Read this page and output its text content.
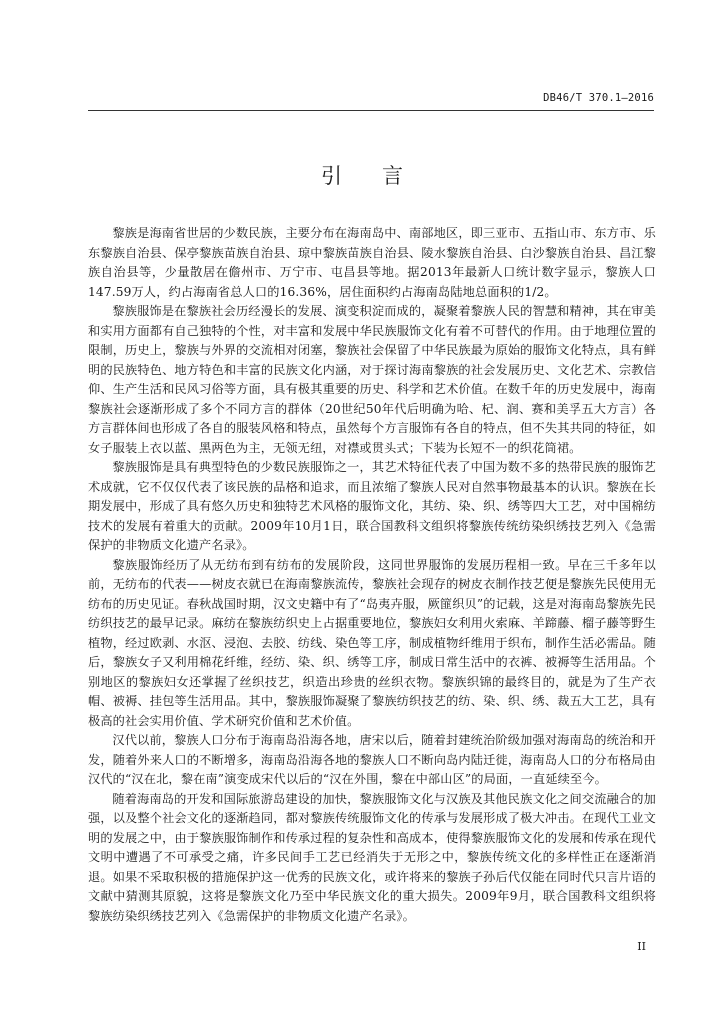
DB46/T 370.1—2016
引言

黎族是海南省世居的少数民族，主要分布在海南岛中、南部地区，即三亚市、五指山市、东方市、乐东黎族自治县、保亭黎族苗族自治县、琼中黎族苗族自治县、陵水黎族自治县、白沙黎族自治县、昌江黎族自治县等，少量散居在儋州市、万宁市、屯昌县等地。据2013年最新人口统计数字显示，黎族人口147.59万人，约占海南省总人口的16.36%，居住面积约占海南岛陆地总面积的1/2。

黎族服饰是在黎族社会历经漫长的发展、演变积淀而成的，凝聚着黎族人民的智慧和精神，其在审美和实用方面都有自己独特的个性，对丰富和发展中华民族服饰文化有着不可替代的作用。由于地理位置的限制，历史上，黎族与外界的交流相对闭塞，黎族社会保留了中华民族最为原始的服饰文化特点，具有鲜明的民族特色、地方特色和丰富的民族文化内涵，对于探讨海南黎族的社会发展历史、文化艺术、宗教信仰、生产生活和民风习俗等方面，具有极其重要的历史、科学和艺术价值。在数千年的历史发展中，海南黎族社会逐渐形成了多个不同方言的群体（20世纪50年代后明确为哈、杞、润、赛和美孚五大方言）各方言群体间也形成了各自的服装风格和特点，虽然每个方言服饰有各自的特点，但不失其共同的特征，如女子服装上衣以蓝、黑两色为主，无领无纽，对襟或贯头式；下装为长短不一的织花筒裙。

黎族服饰是具有典型特色的少数民族服饰之一，其艺术特征代表了中国为数不多的热带民族的服饰艺术成就，它不仅仅代表了该民族的品格和追求，而且浓缩了黎族人民对自然事物最基本的认识。黎族在长期发展中，形成了具有悠久历史和独特艺术风格的服饰文化，其纺、染、织、绣等四大工艺，对中国棉纺技术的发展有着重大的贡献。2009年10月1日，联合国教科文组织将黎族传统纺染织绣技艺列入《急需保护的非物质文化遗产名录》。

黎族服饰经历了从无纺布到有纺布的发展阶段，这同世界服饰的发展历程相一致。早在三千多年以前，无纺布的代表——树皮衣就已在海南黎族流传，黎族社会现存的树皮衣制作技艺便是黎族先民使用无纺布的历史见证。春秋战国时期，汉文史籍中有了“岛夷卉服，厥篚织贝”的记载，这是对海南岛黎族先民纺织技艺的最早记录。麻纺在黎族纺织史上占据重要地位，黎族妇女利用火索麻、羊蹄藤、榴子藤等野生植物，经过欧剥、水沤、浸泡、去胶、纺线、染色等工序，制成植物纤维用于织布，制作生活必需品。随后，黎族女子又利用棉花纤维，经纺、染、织、绣等工序，制成日常生活中的衣裤、被褥等生活用品。个别地区的黎族妇女还掌握了丝织技艺，织造出珍贵的丝织衣物。黎族织锦的最终目的，就是为了生产衣帽、被褥、挂包等生活用品。其中，黎族服饰凝聚了黎族纺织技艺的纺、染、织、绣、裁五大工艺，具有极高的社会实用价值、学术研究价值和艺术价值。

汉代以前，黎族人口分布于海南岛沿海各地，唐宋以后，随着封建统治阶级加强对海南岛的统治和开发，随着外来人口的不断增多，海南岛沿海各地的黎族人口不断向岛内陆迁徙，海南岛人口的分布格局由汉代的“汉在北，黎在南”演变成宋代以后的“汉在外围，黎在中部山区”的局面，一直延续至今。

随着海南岛的开发和国际旅游岛建设的加快，黎族服饰文化与汉族及其他民族文化之间交流融合的加强，以及整个社会文化的逐渐趋同，都对黎族传统服饰文化的传承与发展形成了极大冲击。在现代工业文明的发展之中，由于黎族服饰制作和传承过程的复杂性和高成本，使得黎族服饰文化的发展和传承在现代文明中遭遇了不可承受之痛，许多民间手工艺已经消失于无形之中，黎族传统文化的多样性正在逐渐消退。如果不采取积极的措施保护这一优秀的民族文化，或许将来的黎族子孙后代仅能在同时代只言片语的文献中猜测其原貌，这将是黎族文化乃至中华民族文化的重大损失。2009年9月，联合国教科文组织将黎族纺染织绣技艺列入《急需保护的非物质文化遗产名录》。

II
